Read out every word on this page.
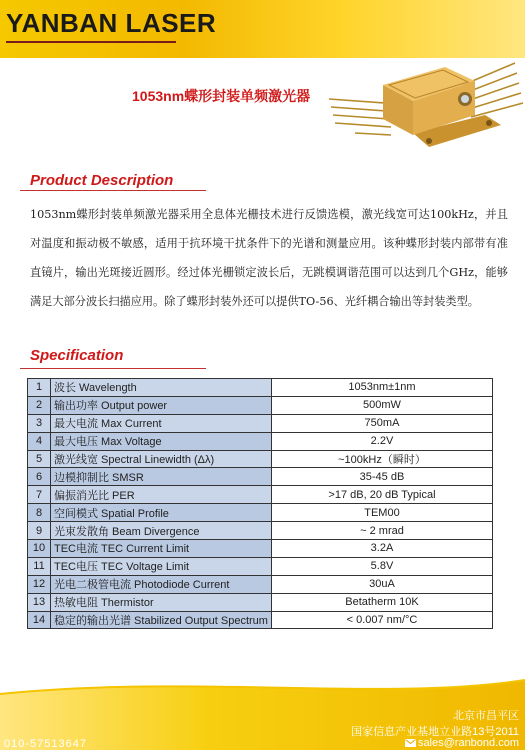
YANBAN LASER
1053nm蝶形封装单频激光器
Product Description

1053nm蝶形封装单频激光器采用全息体光栅技术进行反馈选模，激光线宽可达100kHz，并且对温度和振动极不敏感，适用于抗环境干扰条件下的光谱和测量应用。该种蝶形封装内部带有准直镜片，输出光斑接近圆形。经过体光栅锁定波长后，无跳模调谐范围可以达到几个GHz，能够满足大部分波长扫描应用。除了蝶形封装外还可以提供TO-56、光纤耦合输出等封装类型。

Specification
1	波长 Wavelength	1053nm±1nm
2	输出功率 Output power	500mW
3	最大电流 Max Current	750mA
4	最大电压 Max Voltage	2.2V
5	激光线宽 Spectral Linewidth (Δλ)	~100kHz（瞬时）
6	边模抑制比 SMSR	35-45 dB
7	偏振消光比 PER	>17 dB, 20 dB Typical
8	空间模式 Spatial Profile	TEM00
9	光束发散角 Beam Divergence	~ 2 mrad
10	TEC电流 TEC Current Limit	3.2A
11	TEC电压 TEC Voltage Limit	5.8V
12	光电二极管电流 Photodiode Current	30uA
13	热敏电阻 Thermistor	Betatherm 10K
14	稳定的输出光谱 Stabilized Output Spectrum	< 0.007 nm/°C
北京市昌平区
国家信息产业基地立业路13号2011
sales@ranbond.com
010-57513647
